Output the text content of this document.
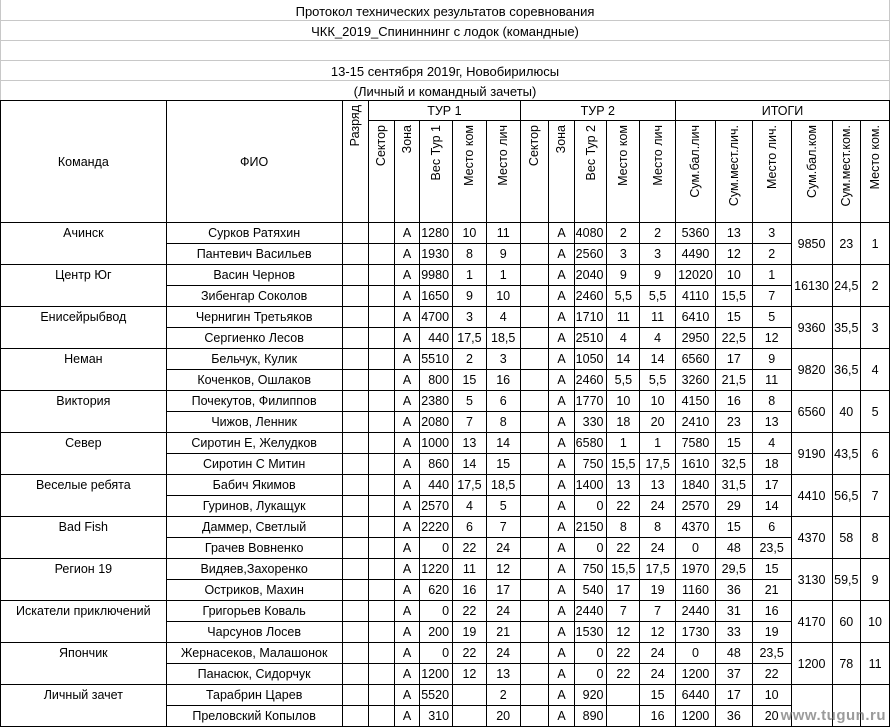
Протокол технических результатов соревнования
ЧКК_2019_Спининнинг с лодок (командные)
13-15 сентября 2019г, Новобирилюсы
(Личный и командный зачеты)
Команда	ФИО	Разряд	ТУР 1					ТУР 2					ИТОГИ					
			Сектор	Зона	Вес Тур 1	Место ком	Место лич	Сектор	Зона	Вес Тур 2	Место ком	Место лич	Сум.бал.лич	Сум.мест.лич.	Место лич.	Сум.бал.ком	Сум.мест.ком.	Место ком.
Ачинск	Сурков Ратяхин			А	1280	10	11		А	4080	2	2	5360	13	3	9850	23	1
	Пантевич Васильев			А	1930	8	9		А	2560	3	3	4490	12	2			
Центр Юг	Васин Чернов			А	9980	1	1		А	2040	9	9	12020	10	1	16130	24,5	2
	Зибенгар Соколов			А	1650	9	10		А	2460	5,5	5,5	4110	15,5	7			
Енисейрыбвод	Чернигин Третьяков			А	4700	3	4		А	1710	11	11	6410	15	5	9360	35,5	3
	Сергиенко Лесов			А	440	17,5	18,5		А	2510	4	4	2950	22,5	12			
Неман	Бельчук, Кулик			А	5510	2	3		А	1050	14	14	6560	17	9	9820	36,5	4
	Коченков, Ошлаков			А	800	15	16		А	2460	5,5	5,5	3260	21,5	11			
Виктория	Почекутов, Филиппов			А	2380	5	6		А	1770	10	10	4150	16	8	6560	40	5
	Чижов, Ленник			А	2080	7	8		А	330	18	20	2410	23	13			
Север	Сиротин Е, Желудков			А	1000	13	14		А	6580	1	1	7580	15	4	9190	43,5	6
	Сиротин С Митин			А	860	14	15		А	750	15,5	17,5	1610	32,5	18			
Веселые ребята	Бабич Якимов			А	440	17,5	18,5		А	1400	13	13	1840	31,5	17	4410	56,5	7
	Гуринов, Лукащук			А	2570	4	5		А	0	22	24	2570	29	14			
Bad Fish	Даммер, Светлый			А	2220	6	7		А	2150	8	8	4370	15	6	4370	58	8
	Грачев Вовненко			А	0	22	24		А	0	22	24	0	48	23,5			
Регион 19	Видяев,Захоренко			А	1220	11	12		А	750	15,5	17,5	1970	29,5	15	3130	59,5	9
	Остриков, Махин			А	620	16	17		А	540	17	19	1160	36	21			
Искатели приключений	Григорьев Коваль			А	0	22	24		А	2440	7	7	2440	31	16	4170	60	10
	Чарсунов Лосев			А	200	19	21		А	1530	12	12	1730	33	19			
Япончик	Жернасеков, Малашонок			А	0	22	24		А	0	22	24	0	48	23,5	1200	78	11
	Панасюк, Сидорчук			А	1200	12	13		А	0	22	24	1200	37	22			
Личный зачет	Тарабрин Царев			А	5520		2		А	920		15	6440	17	10			
	Преловский Копылов			А	310		20		А	890		16	1200	36	20			www.tugun.ru
